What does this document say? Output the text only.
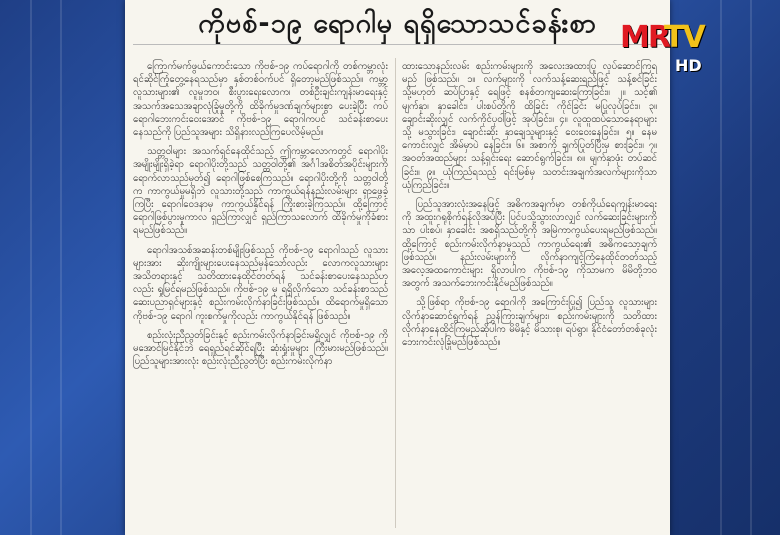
ကိုဗစ်-၁၉ ရောဂါမှ ရရှိသောသင်ခန်းစာ

ကြောက်မက်ဖွယ်ကောင်းသော ကိုဗစ်-၁၉ ကပ်ရောဂါကို တစ်ကမ္ဘာလုံး ရင်ဆိုင်ကြုံတွေ့နေရသည်မှာ နှစ်တစ်ဝက်ပင် ရှိတော့မည်ဖြစ်သည်။ ကမ္ဘာ့လူသားများ၏ လူမှုဘဝ၊ စီးပွားရေးလောက၊ တစ်ဦးချင်းကျန်းမာရေးနှင့် အသက်အသေအချာလုံခြုံမှုတို့ကို ထိခိုက်မှုဒဏ်ချက်များစွာ ပေးခဲ့ပြီး ကပ်ရောဂါဘေးကင်းဝေးအောင် ကိုဗစ်-၁၉ ရောဂါကပင် သင်ခန်းစာပေးနေသည်ကို ပြည်သူအများ သိရှိနားလည်ကြပေလိမ့်မည်။

သတ္တဝါများ အသက်ရှင်နေထိုင်သည့် ဤကမ္ဘာလောကတွင် ရောဂါပိုးအမျိုးမျိုးရှိခဲ့ရာ ရောဂါပိုးတို့သည် သတ္တဝါတို့၏ အင်္ဂါအစိတ်အပိုင်းများကို ရောက်လာသည်မှတ်၍ ရောဂါဖြစ်စေကြသည်။ ရောဂါပိုးတို့ကို သတ္တဝါတို့က ကာကွယ်မှုမရှိဘဲ လူသားတို့သည် ကာကွယ်ရန်နည်းလမ်းများ ရှာဖွေခဲ့ကြပြီး ရောဂါဝေဒနာမှ ကာကွယ်နိုင်ရန် ကြိုးစားခဲ့ကြသည်။ ထို့ကြောင့် ရောဂါဖြစ်ပွားမှုကာလ ရှည်ကြာလျှင် ရှည်ကြာသလောက် ထိခိုက်မှုကိုခံစားရမည်ဖြစ်သည်။

ရောဂါအသစ်အဆန်းတစ်မျိုးဖြစ်သည့် ကိုဗစ်-၁၉ ရောဂါသည် လူသားများအား ဆိုးကျိုးများပေးနေသည်မှန်သော်လည်း လောကလူသားများ အသိတရားနှင့် သတိထားနေထိုင်တတ်ရန် သင်ခန်းစာပေးနေသည်ဟု လည်း ရှုမြင်ရမည်ဖြစ်သည်။ ကိုဗစ်-၁၉ မှ ရရှိလိုက်သော သင်ခန်းစာသည် ဆေးပညာရှင်များနှင့် စည်းကမ်းလိုက်နာခြင်းဖြစ်သည်။ ထိရောက်မှုရှိသော ကိုဗစ်-၁၉ ရောဂါ ကူးစက်မှုကိုလည်း ကာကွယ်နိုင်ရန် ဖြစ်သည်။

စည်းလုံးညီညွတ်ခြင်းနှင့် စည်းကမ်းလိုက်နာခြင်းမရှိလျှင် ကိုဗစ်-၁၉ ကို မအောင်မြင်နိုင်ဘဲ ရေရှည်ရင်ဆိုင်ရပြီး ဆုံးရှုံးမှုများ ကြီးမားမည်ဖြစ်သည်။ ပြည်သူများအားလုံး စည်းလုံးညီညွတ်ပြီး စည်းကမ်းလိုက်နာ

ထားသောနည်းလမ်း စည်းကမ်းများကို အလေးအထားပြု လုပ်ဆောင်ကြရမည် ဖြစ်သည်။ ၁။ လက်များကို လက်သန့်ဆေးရည်ဖြင့် သန့်စင်ခြင်း သို့မဟုတ် ဆပ်ပြာနှင့် ရေဖြင့် စနစ်တကျဆေးကြောခြင်း။ ၂။ သင့်၏ မျက်နှာ၊ နှာခေါင်း၊ ပါးစပ်တို့ကို ထိခြင်း ကိုင်ခြင်း မပြုလုပ်ခြင်း။ ၃။ ချောင်းဆိုးလျှင် လက်ကိုင်ပုဝါဖြင့် အုပ်ခြင်း။ ၄။ လူထူထပ်သောနေရာများ သို့ မသွားခြင်း၊ ချောင်းဆိုး နှာချေသူများနှင့် ဝေးဝေးနေခြင်း။ ၅။ နေမကောင်းလျှင် အိမ်မှာပဲ နေခြင်း။ ၆။ အစာကို ချက်ပြုတ်ပြီးမှ စားခြင်း။ ၇။ အဝတ်အထည်များ သန့်ရှင်းရေး ဆောင်ရွက်ခြင်း။ ၈။ မျက်နှာဖုံး တပ်ဆင်ခြင်း။ ၉။ ယုံကြည်ရသည့် ရင်းမြစ်မှ သတင်းအချက်အလက်များကိုသာ ယုံကြည်ခြင်း။

ပြည်သူအားလုံးအနေဖြင့် အဓိကအချက်မှာ တစ်ကိုယ်ရေကျန်းမာရေးကို အထူးဂရုစိုက်ရန်လိုအပ်ပြီး ပြင်ပသို့သွားလာလျှင် လက်ဆေးခြင်းများကိုသာ ပါးစပ်၊ နှာခေါင်း အစရှိသည်တို့ကို အမြဲကာကွယ်ပေးရမည်ဖြစ်သည်။ ထို့ကြောင့် စည်းကမ်းလိုက်နာမှုသည် ကာကွယ်ရေး၏ အဓိကသော့ချက်ဖြစ်သည်။ နည်းလမ်းများကို လိုက်နာကျင့်ကြံနေထိုင်တတ်သည့် အလေ့အထကောင်းများ ရှိလာပါက ကိုဗစ်-၁၉ ကိုသာမက မိမိတို့ဘဝအတွက် အသက်ဘေးကင်းနိုင်မည်ဖြစ်သည်။

သို့ဖြစ်ရာ ကိုဗစ်-၁၉ ရောဂါကို အကြောင်းပြု၍ ပြည်သူ လူသားများ လိုက်နာဆောင်ရွက်ရန် ညွှန်ကြားချက်များ၊ စည်းကမ်းများကို သတိထားလိုက်နာနေထိုင်ကြမည်ဆိုပါက မိမိနှင့် မိသားစု၊ ရပ်ရွာ၊ နိုင်ငံတော်တစ်ခုလုံး ဘေးကင်းလုံခြုံမည်ဖြစ်သည်။

MR
TV
HD
